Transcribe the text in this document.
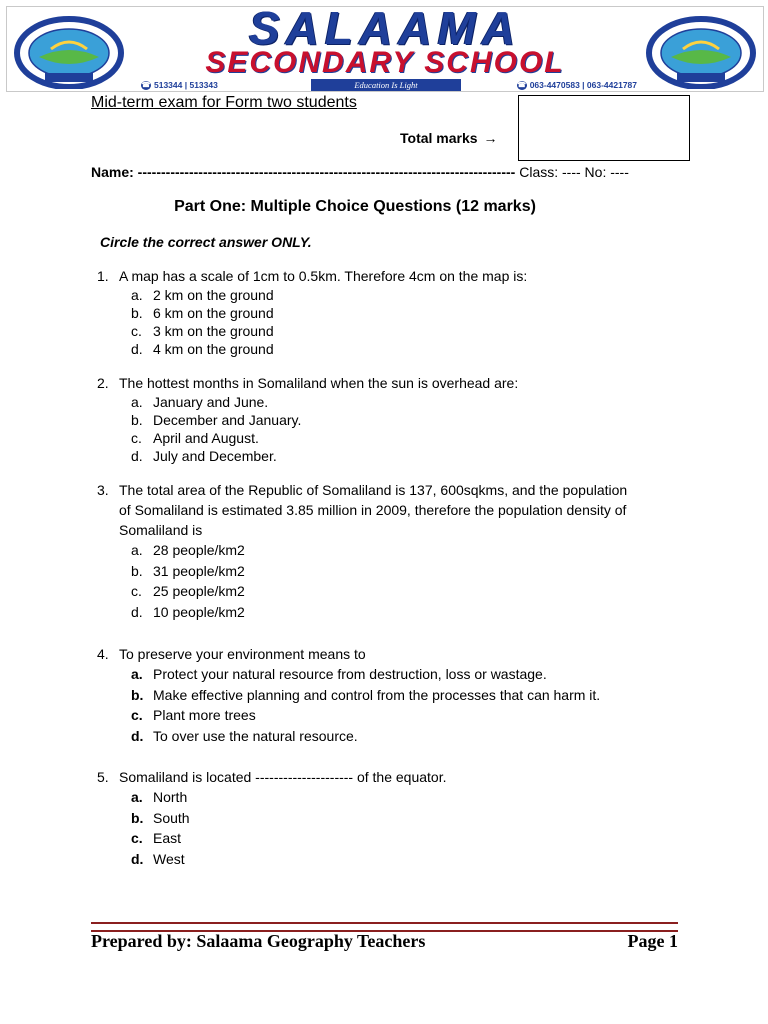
SALAAMA
SECONDARY SCHOOL
☎ 513344 | 513343	Education Is Light	☎ 063-4470583 | 063-4421787
Mid-term exam for Form two students
Total marks →
Name: --------------------------------------------------------------------------------- Class: ---- No: ----
Part One: Multiple Choice Questions (12 marks)
Circle the correct answer ONLY.
1. A map has a scale of 1cm to 0.5km. Therefore 4cm on the map is:
a. 2 km on the ground
b. 6 km on the ground
c. 3 km on the ground
d. 4 km on the ground
2. The hottest months in Somaliland when the sun is overhead are:
a. January and June.
b. December and January.
c. April and August.
d. July and December.
3. The total area of the Republic of Somaliland is 137, 600sqkms, and the population
of Somaliland is estimated 3.85 million in 2009, therefore the population density of
Somaliland is
a. 28 people/km2
b. 31 people/km2
c. 25 people/km2
d. 10 people/km2
4. To preserve your environment means to
a. Protect your natural resource from destruction, loss or wastage.
b. Make effective planning and control from the processes that can harm it.
c. Plant more trees
d. To over use the natural resource.
5. Somaliland is located --------------------- of the equator.
a. North
b. South
c. East
d. West
Prepared by: Salaama Geography Teachers	Page 1
